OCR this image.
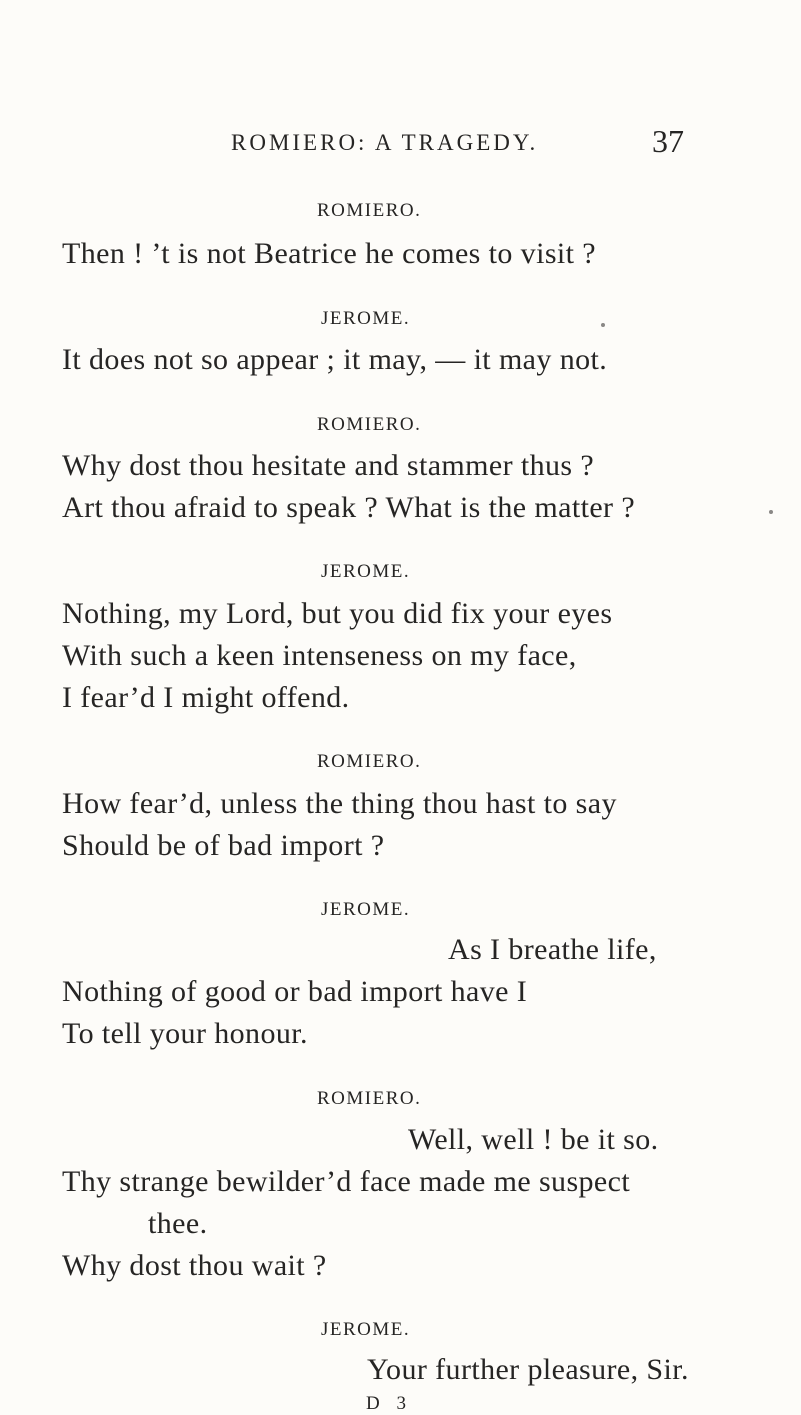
ROMIERO: A TRAGEDY.	37
ROMIERO.
Then ! ’t is not Beatrice he comes to visit ?
JEROME.
It does not so appear ; it may, — it may not.
ROMIERO.
Why dost thou hesitate and stammer thus ?
Art thou afraid to speak ? What is the matter ?
JEROME.
Nothing, my Lord, but you did fix your eyes
With such a keen intenseness on my face,
I fear’d I might offend.
ROMIERO.
How fear’d, unless the thing thou hast to say
Should be of bad import ?
JEROME.
As I breathe life,
Nothing of good or bad import have I
To tell your honour.
ROMIERO.
Well, well ! be it so.
Thy strange bewilder’d face made me suspect
thee.
Why dost thou wait ?
JEROME.
Your further pleasure, Sir.
D 3
